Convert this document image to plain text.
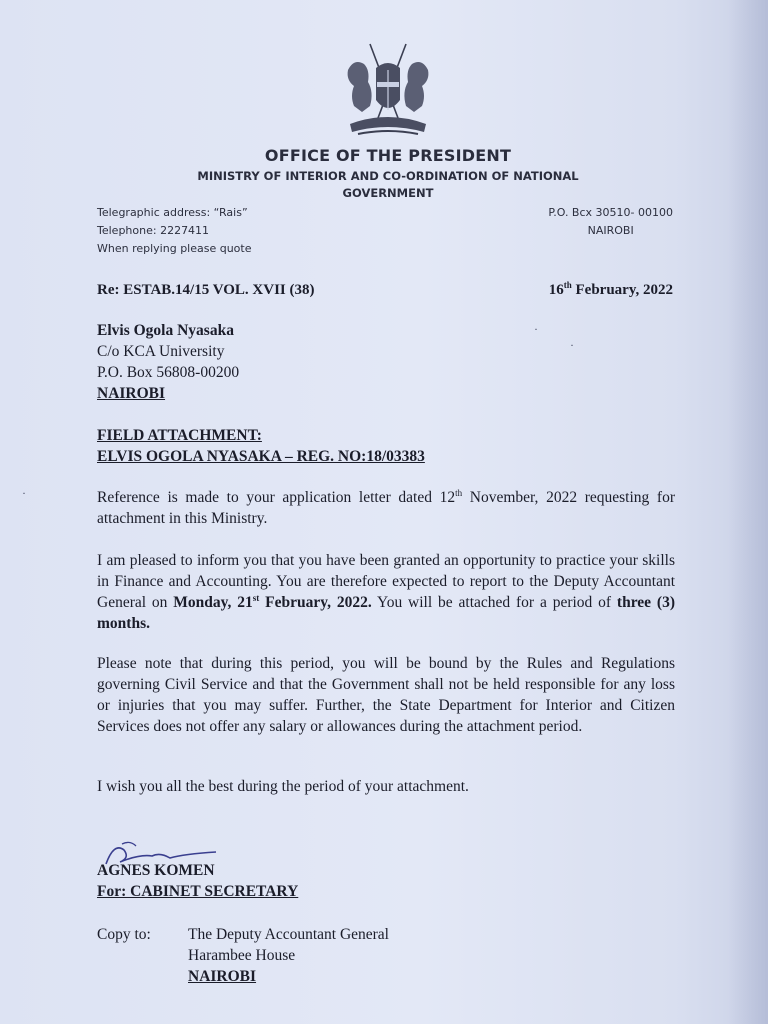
OFFICE OF THE PRESIDENT
MINISTRY OF INTERIOR AND CO-ORDINATION OF NATIONAL
GOVERNMENT
Telegraphic address: “Rais”
Telephone: 2227411
When replying please quote
P.O. Bcx 30510- 00100
NAIROBI
Re: ESTAB.14/15 VOL. XVII (38)	16th February, 2022
·
·
·
Elvis Ogola Nyasaka
C/o KCA University
P.O. Box 56808-00200
NAIROBI
FIELD ATTACHMENT:
ELVIS OGOLA NYASAKA – REG. NO:18/03383
Reference is made to your application letter dated 12th November, 2022 requesting for attachment in this Ministry.
I am pleased to inform you that you have been granted an opportunity to practice your skills in Finance and Accounting. You are therefore expected to report to the Deputy Accountant General on Monday, 21st February, 2022. You will be attached for a period of three (3) months.
Please note that during this period, you will be bound by the Rules and Regulations governing Civil Service and that the Government shall not be held responsible for any loss or injuries that you may suffer. Further, the State Department for Interior and Citizen Services does not offer any salary or allowances during the attachment period.
I wish you all the best during the period of your attachment.
AGNES KOMEN
For: CABINET SECRETARY
Copy to: The Deputy Accountant General
Harambee House
NAIROBI
